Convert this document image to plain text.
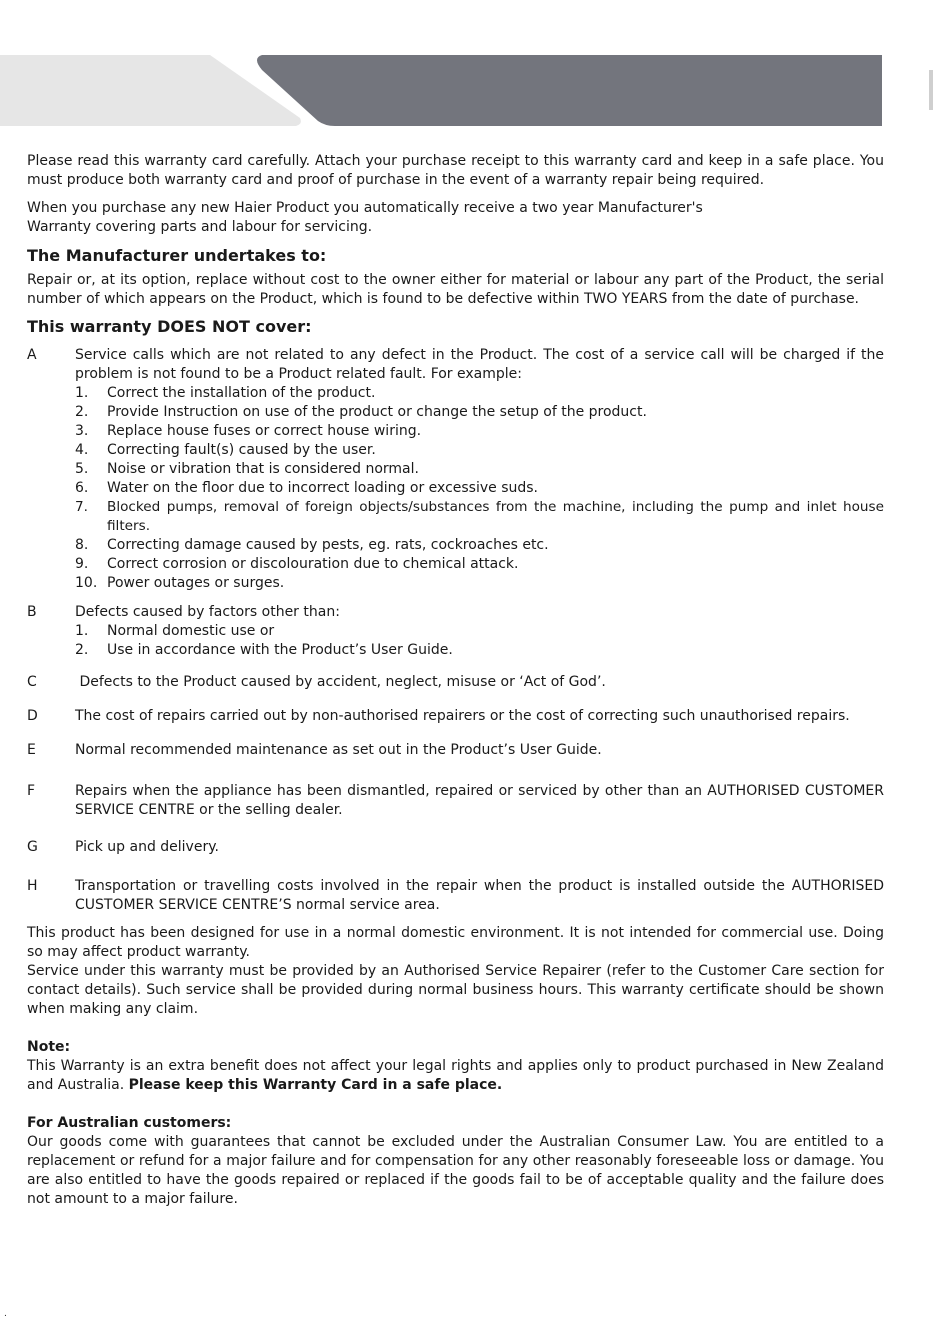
Please read this warranty card carefully. Attach your purchase receipt to this warranty card and keep in a safe place. You must produce both warranty card and proof of purchase in the event of a warranty repair being required.

When you purchase any new Haier Product you automatically receive a two year Manufacturer's

Warranty covering parts and labour for servicing.

The Manufacturer undertakes to:

Repair or, at its option, replace without cost to the owner either for material or labour any part of the Product, the serial number of which appears on the Product, which is found to be defective within TWO YEARS from the date of purchase.

This warranty DOES NOT cover:
A	Service calls which are not related to any defect in the Product. The cost of a service call will be charged if the problem is not found to be a Product related fault. For example:
1. Correct the installation of the product.
2. Provide Instruction on use of the product or change the setup of the product.
3. Replace house fuses or correct house wiring.
4. Correcting fault(s) caused by the user.
5. Noise or vibration that is considered normal.
6. Water on the floor due to incorrect loading or excessive suds.
7. Blocked pumps, removal of foreign objects/substances from the machine, including the pump and inlet house filters.
8. Correcting damage caused by pests, eg. rats, cockroaches etc.
9. Correct corrosion or discolouration due to chemical attack.
10. Power outages or surges.
B	Defects caused by factors other than:
1. Normal domestic use or
2. Use in accordance with the Product’s User Guide.
C	Defects to the Product caused by accident, neglect, misuse or ‘Act of God’.
D	The cost of repairs carried out by non-authorised repairers or the cost of correcting such unauthorised repairs.
E	Normal recommended maintenance as set out in the Product’s User Guide.
F	Repairs when the appliance has been dismantled, repaired or serviced by other than an AUTHORISED CUSTOMER SERVICE CENTRE or the selling dealer.
G	Pick up and delivery.
H	Transportation or travelling costs involved in the repair when the product is installed outside the AUTHORISED CUSTOMER SERVICE CENTRE’S normal service area.

This product has been designed for use in a normal domestic environment. It is not intended for commercial use. Doing so may affect product warranty.

Service under this warranty must be provided by an Authorised Service Repairer (refer to the Customer Care section for contact details). Such service shall be provided during normal business hours. This warranty certificate should be shown when making any claim.

Note:

This Warranty is an extra benefit does not affect your legal rights and applies only to product purchased in New Zealand and Australia. Please keep this Warranty Card in a safe place.

For Australian customers:

Our goods come with guarantees that cannot be excluded under the Australian Consumer Law. You are entitled to a replacement or refund for a major failure and for compensation for any other reasonably foreseeable loss or damage. You are also entitled to have the goods repaired or replaced if the goods fail to be of acceptable quality and the failure does not amount to a major failure.

.
